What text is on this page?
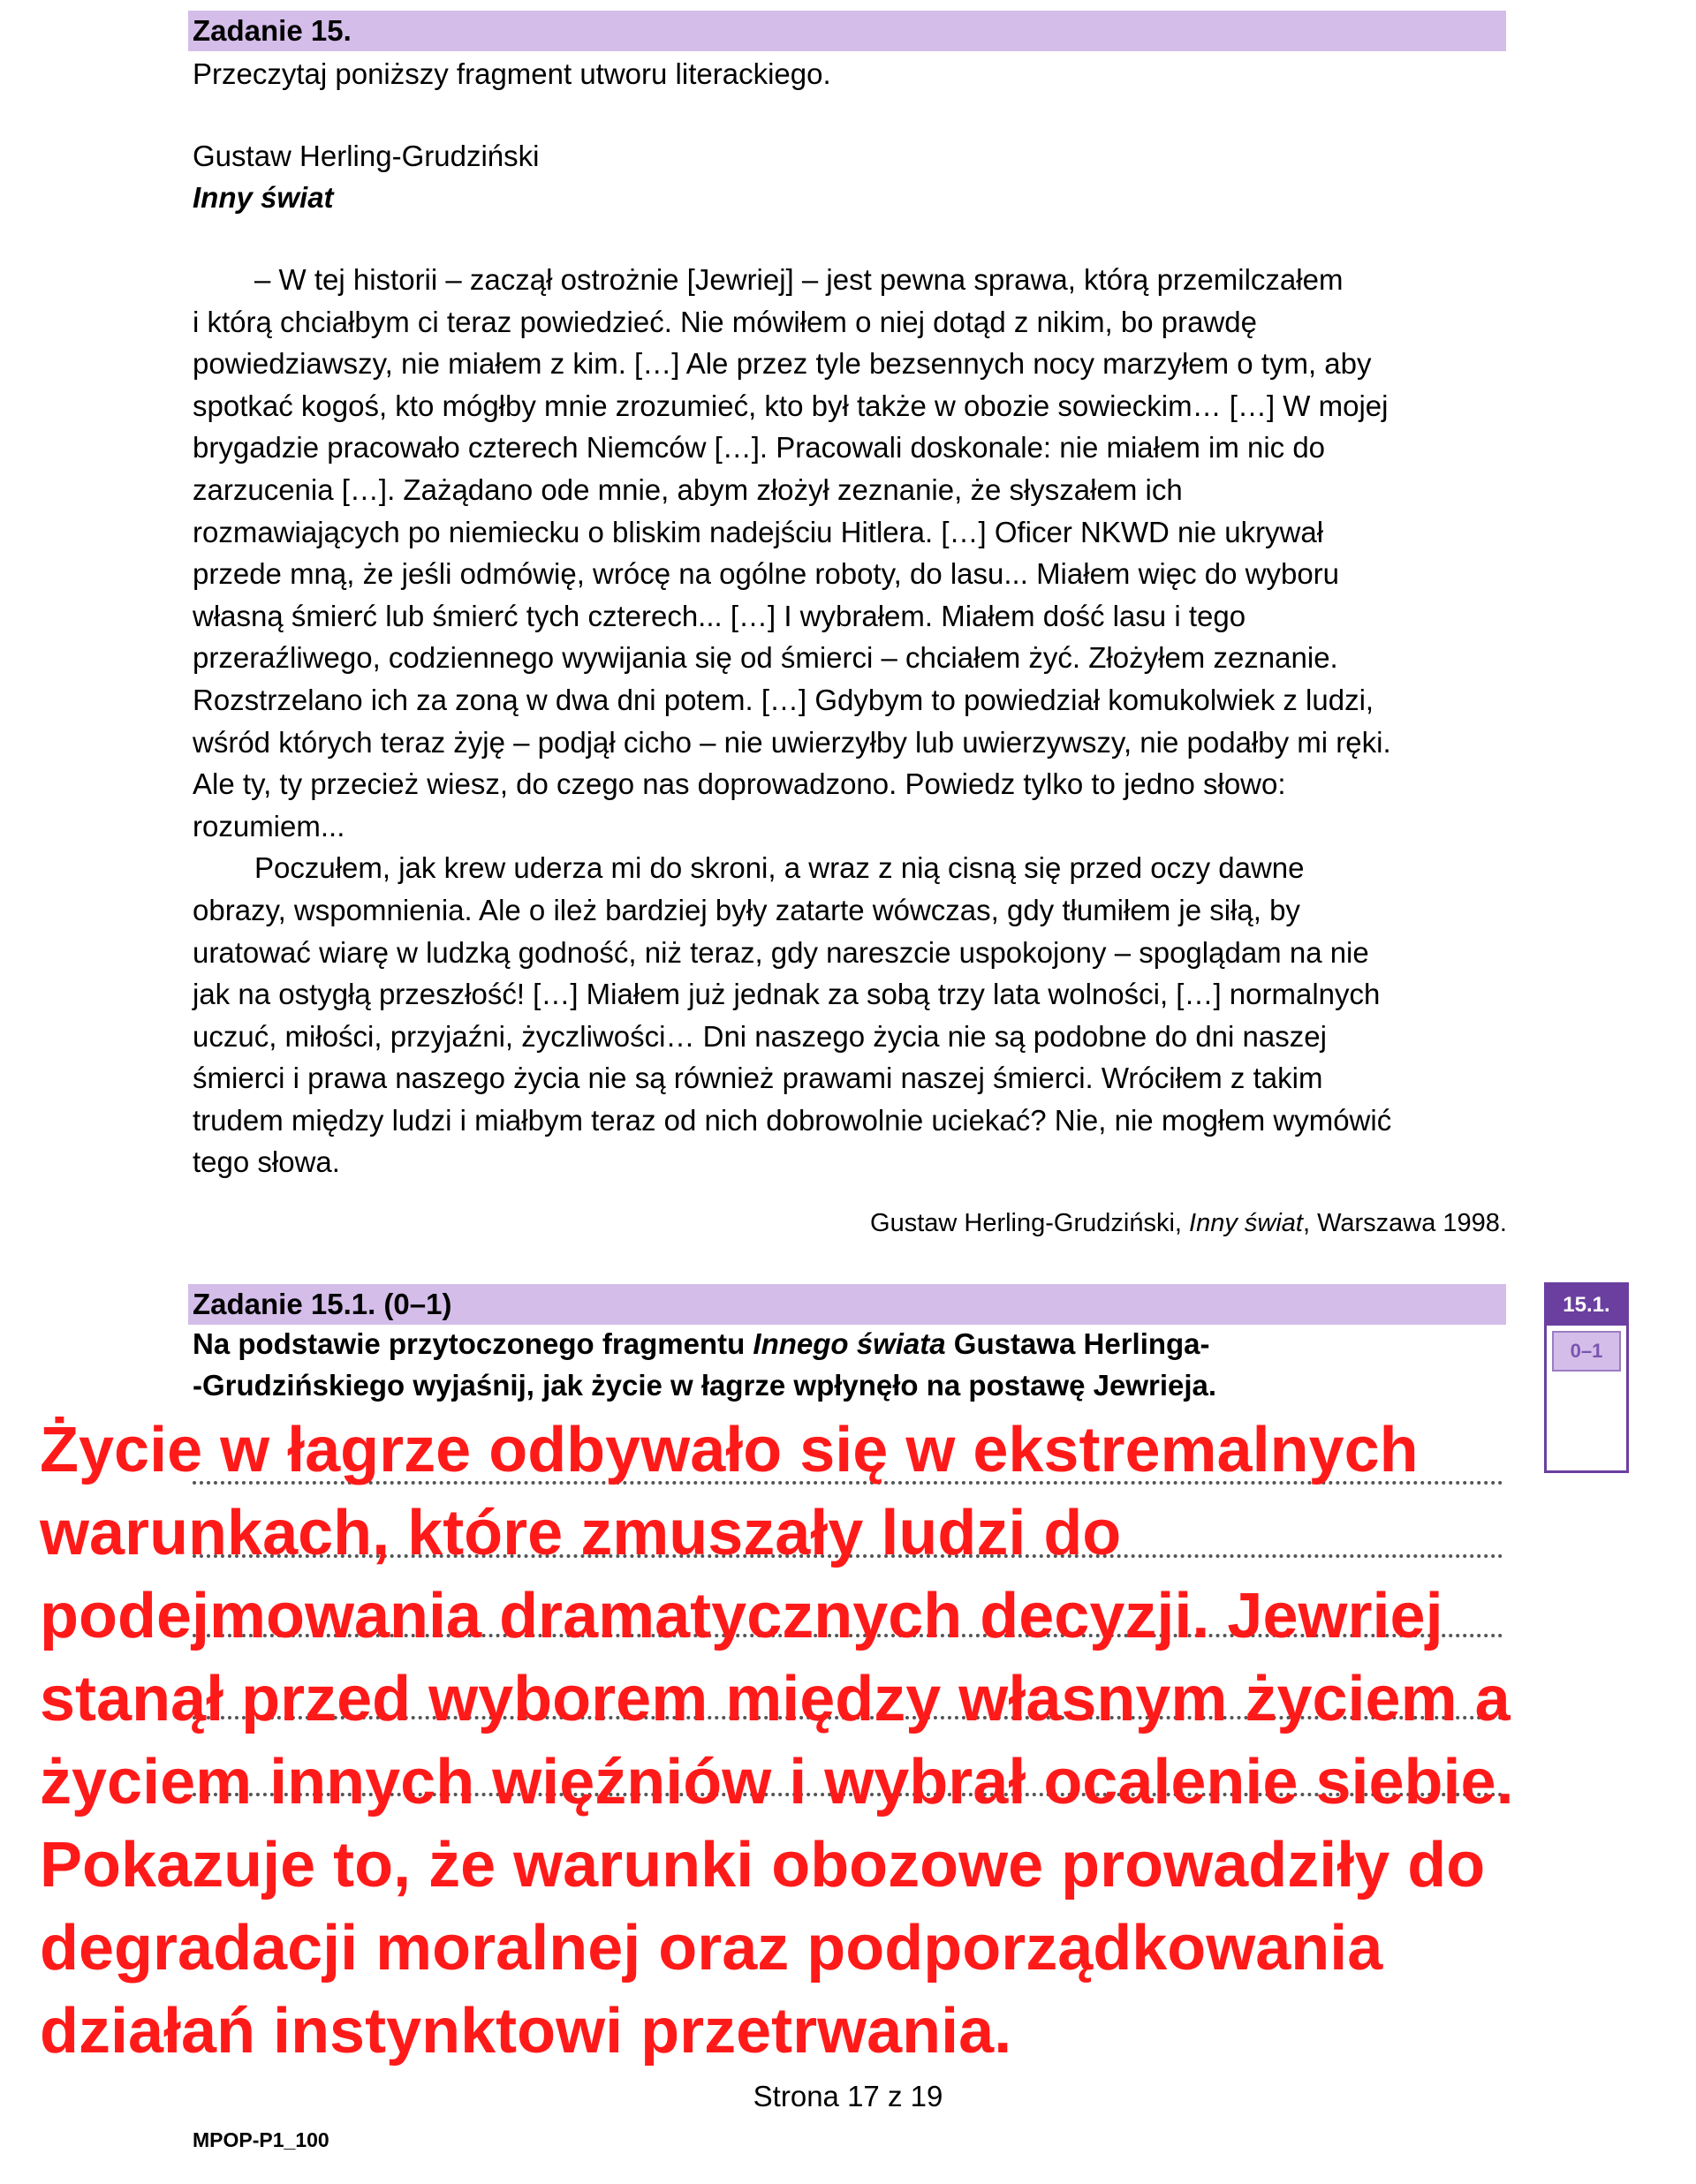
Zadanie 15.
Przeczytaj poniższy fragment utworu literackiego.
Gustaw Herling-Grudziński
Inny świat
– W tej historii – zaczął ostrożnie [Jewriej] – jest pewna sprawa, którą przemilczałem
i którą chciałbym ci teraz powiedzieć. Nie mówiłem o niej dotąd z nikim, bo prawdę
powiedziawszy, nie miałem z kim. […] Ale przez tyle bezsennych nocy marzyłem o tym, aby
spotkać kogoś, kto mógłby mnie zrozumieć, kto był także w obozie sowieckim… […] W mojej
brygadzie pracowało czterech Niemców […]. Pracowali doskonale: nie miałem im nic do
zarzucenia […]. Zażądano ode mnie, abym złożył zeznanie, że słyszałem ich
rozmawiających po niemiecku o bliskim nadejściu Hitlera. […] Oficer NKWD nie ukrywał
przede mną, że jeśli odmówię, wrócę na ogólne roboty, do lasu... Miałem więc do wyboru
własną śmierć lub śmierć tych czterech... […] I wybrałem. Miałem dość lasu i tego
przeraźliwego, codziennego wywijania się od śmierci – chciałem żyć. Złożyłem zeznanie.
Rozstrzelano ich za zoną w dwa dni potem. […] Gdybym to powiedział komukolwiek z ludzi,
wśród których teraz żyję – podjął cicho – nie uwierzyłby lub uwierzywszy, nie podałby mi ręki.
Ale ty, ty przecież wiesz, do czego nas doprowadzono. Powiedz tylko to jedno słowo:
rozumiem...
Poczułem, jak krew uderza mi do skroni, a wraz z nią cisną się przed oczy dawne
obrazy, wspomnienia. Ale o ileż bardziej były zatarte wówczas, gdy tłumiłem je siłą, by
uratować wiarę w ludzką godność, niż teraz, gdy nareszcie uspokojony – spoglądam na nie
jak na ostygłą przeszłość! […] Miałem już jednak za sobą trzy lata wolności, […] normalnych
uczuć, miłości, przyjaźni, życzliwości… Dni naszego życia nie są podobne do dni naszej
śmierci i prawa naszego życia nie są również prawami naszej śmierci. Wróciłem z takim
trudem między ludzi i miałbym teraz od nich dobrowolnie uciekać? Nie, nie mogłem wymówić
tego słowa.
Gustaw Herling-Grudziński, Inny świat, Warszawa 1998.
Zadanie 15.1. (0–1)
Na podstawie przytoczonego fragmentu Innego świata Gustawa Herlinga-
-Grudzińskiego wyjaśnij, jak życie w łagrze wpłynęło na postawę Jewrieja.
15.1.
0–1
Życie w łagrze odbywało się w ekstremalnych
warunkach, które zmuszały ludzi do
podejmowania dramatycznych decyzji. Jewriej
stanął przed wyborem między własnym życiem a
życiem innych więźniów i wybrał ocalenie siebie.
Pokazuje to, że warunki obozowe prowadziły do
degradacji moralnej oraz podporządkowania
działań instynktowi przetrwania.
Strona 17 z 19
MPOP-P1_100
